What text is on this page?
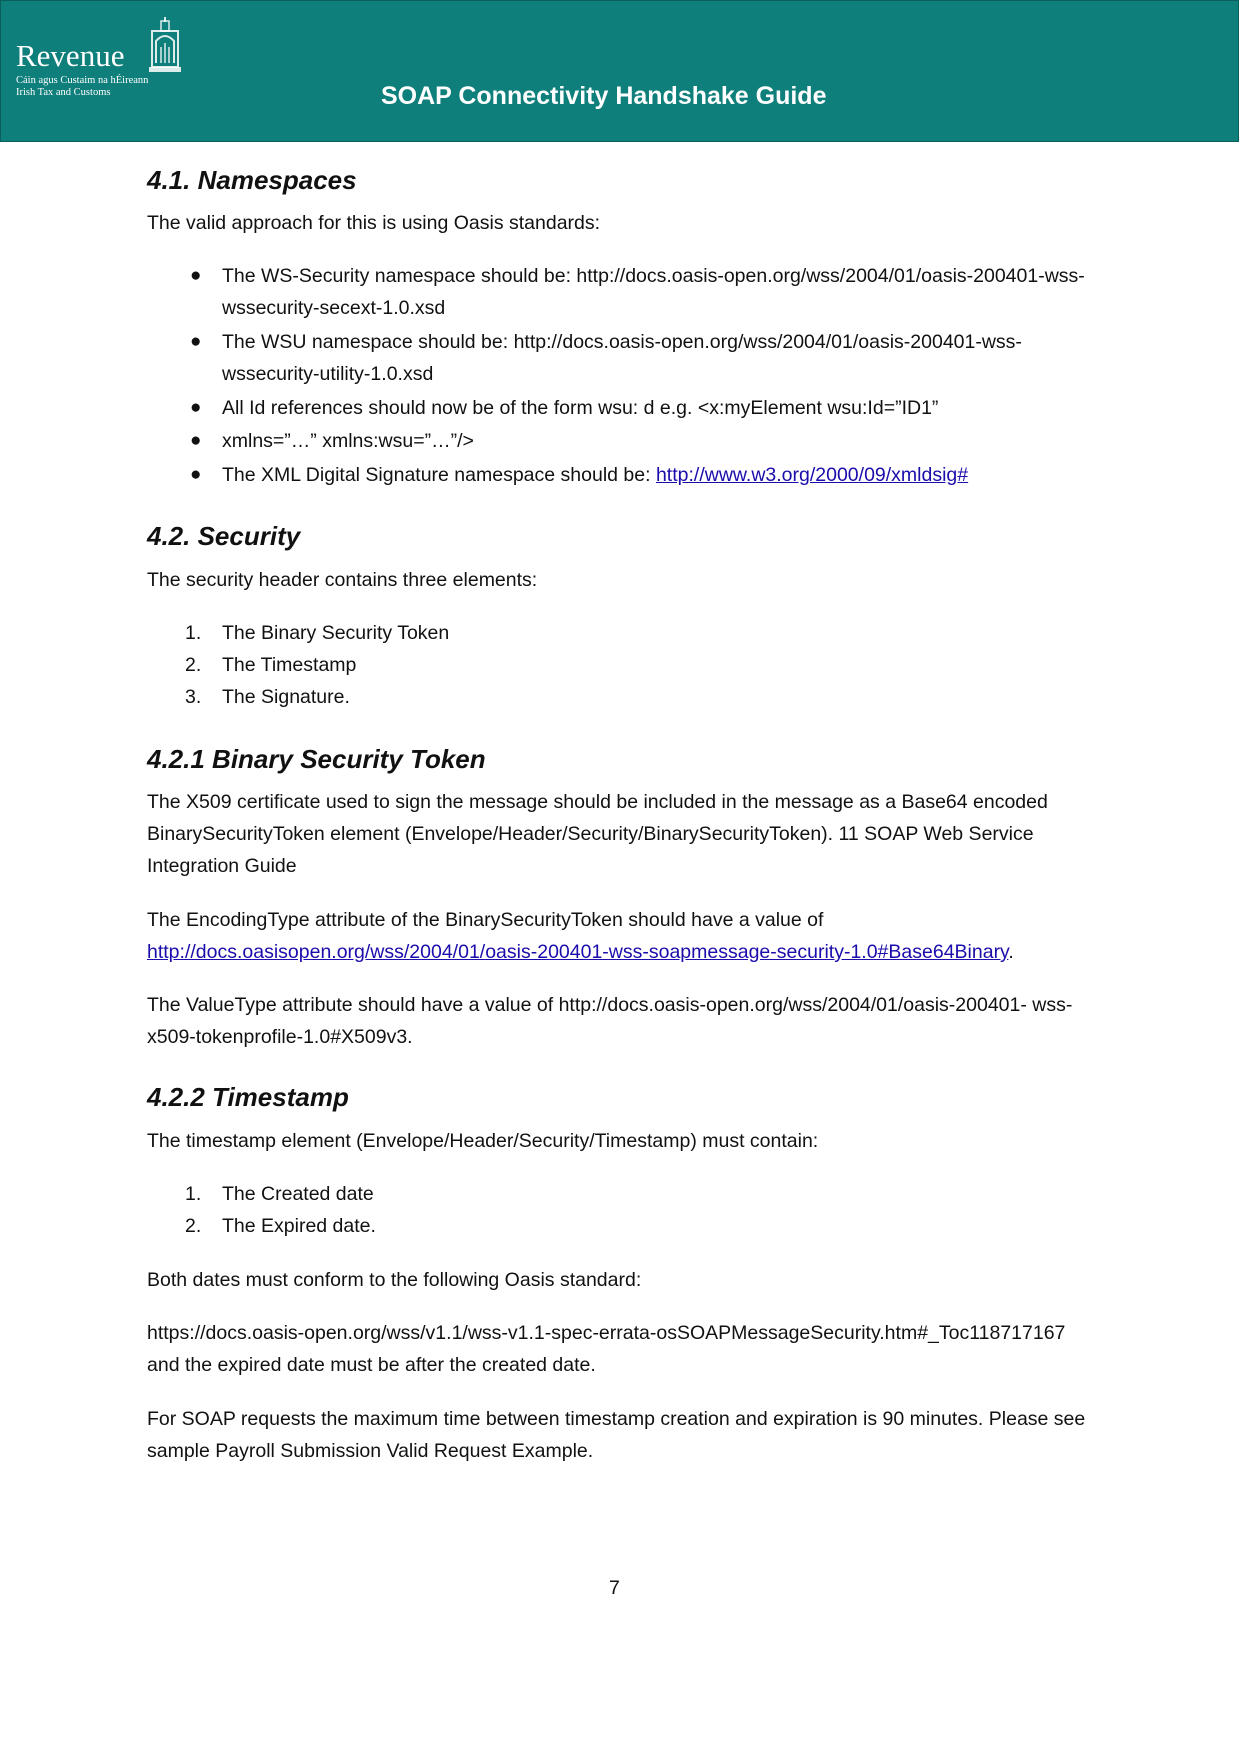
Revenue
Cáin agus Custaim na hÉireann
Irish Tax and Customs	SOAP Connectivity Handshake Guide
4.1. Namespaces

The valid approach for this is using Oasis standards:

● The WS-Security namespace should be: http://docs.oasis-open.org/wss/2004/01/oasis-200401-wss-wssecurity-secext-1.0.xsd
● The WSU namespace should be: http://docs.oasis-open.org/wss/2004/01/oasis-200401-wss-wssecurity-utility-1.0.xsd
● All Id references should now be of the form wsu: d e.g. <x:myElement wsu:Id=”ID1”
● xmlns=”…” xmlns:wsu=”…”/>
● The XML Digital Signature namespace should be: http://www.w3.org/2000/09/xmldsig#
4.2. Security

The security header contains three elements:

1. The Binary Security Token
2. The Timestamp
3. The Signature.
4.2.1 Binary Security Token

The X509 certificate used to sign the message should be included in the message as a Base64 encoded BinarySecurityToken element (Envelope/Header/Security/BinarySecurityToken). 11 SOAP Web Service Integration Guide

The EncodingType attribute of the BinarySecurityToken should have a value of

http://docs.oasisopen.org/wss/2004/01/oasis-200401-wss-soapmessage-security-1.0#Base64Binary.

The ValueType attribute should have a value of http://docs.oasis-open.org/wss/2004/01/oasis-200401- wss-x509-tokenprofile-1.0#X509v3.

4.2.2 Timestamp

The timestamp element (Envelope/Header/Security/Timestamp) must contain:

1. The Created date
2. The Expired date.

Both dates must conform to the following Oasis standard:

https://docs.oasis-open.org/wss/v1.1/wss-v1.1-spec-errata-osSOAPMessageSecurity.htm#_Toc118717167 and the expired date must be after the created date.

For SOAP requests the maximum time between timestamp creation and expiration is 90 minutes. Please see sample Payroll Submission Valid Request Example.

7
